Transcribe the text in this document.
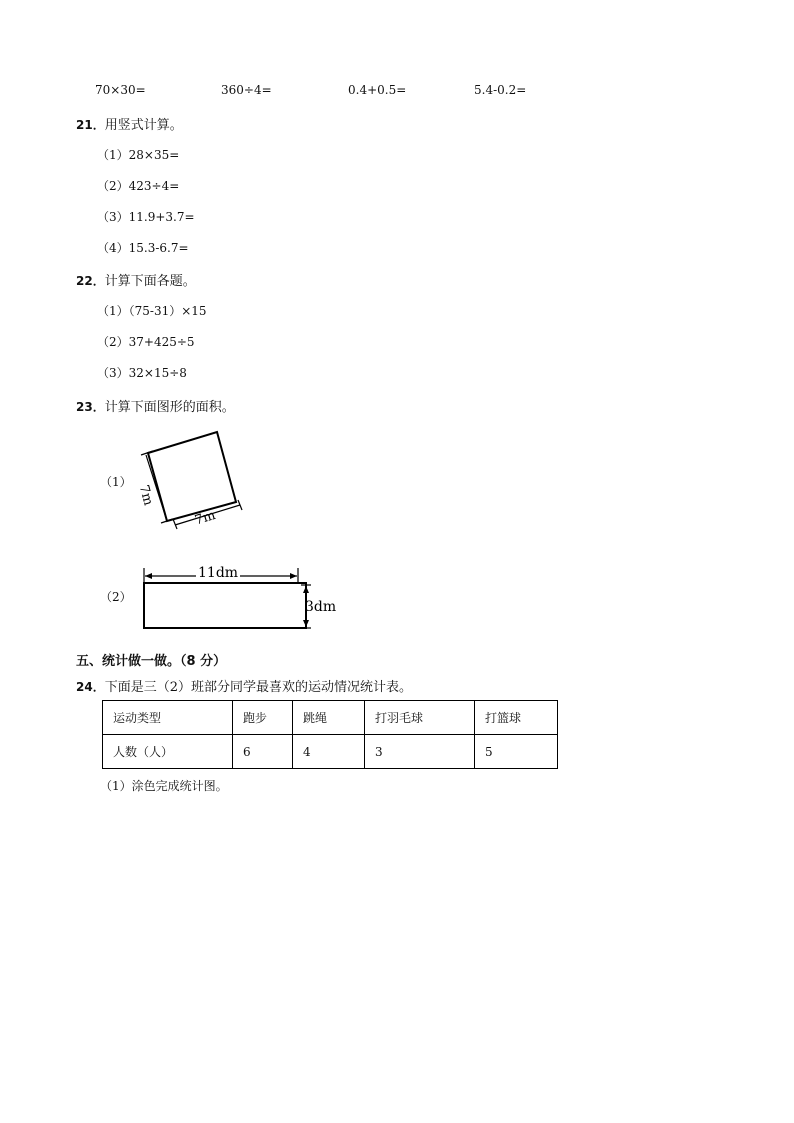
70×30=	360÷4=	0.4+0.5=	5.4-0.2=
21．用竖式计算。
（1）28×35=
（2）423÷4=
（3）11.9+3.7=
（4）15.3-6.7=
22．计算下面各题。
（1）（75-31）×15
（2）37+425÷5
（3）32×15÷8
23．计算下面图形的面积。
（1）
7m
7m
（2）
11dm
3dm
五、统计做一做。（8 分）
24．下面是三（2）班部分同学最喜欢的运动情况统计表。
运动类型	跑步	跳绳	打羽毛球	打篮球
人数（人）	6	4	3	5
（1）涂色完成统计图。
